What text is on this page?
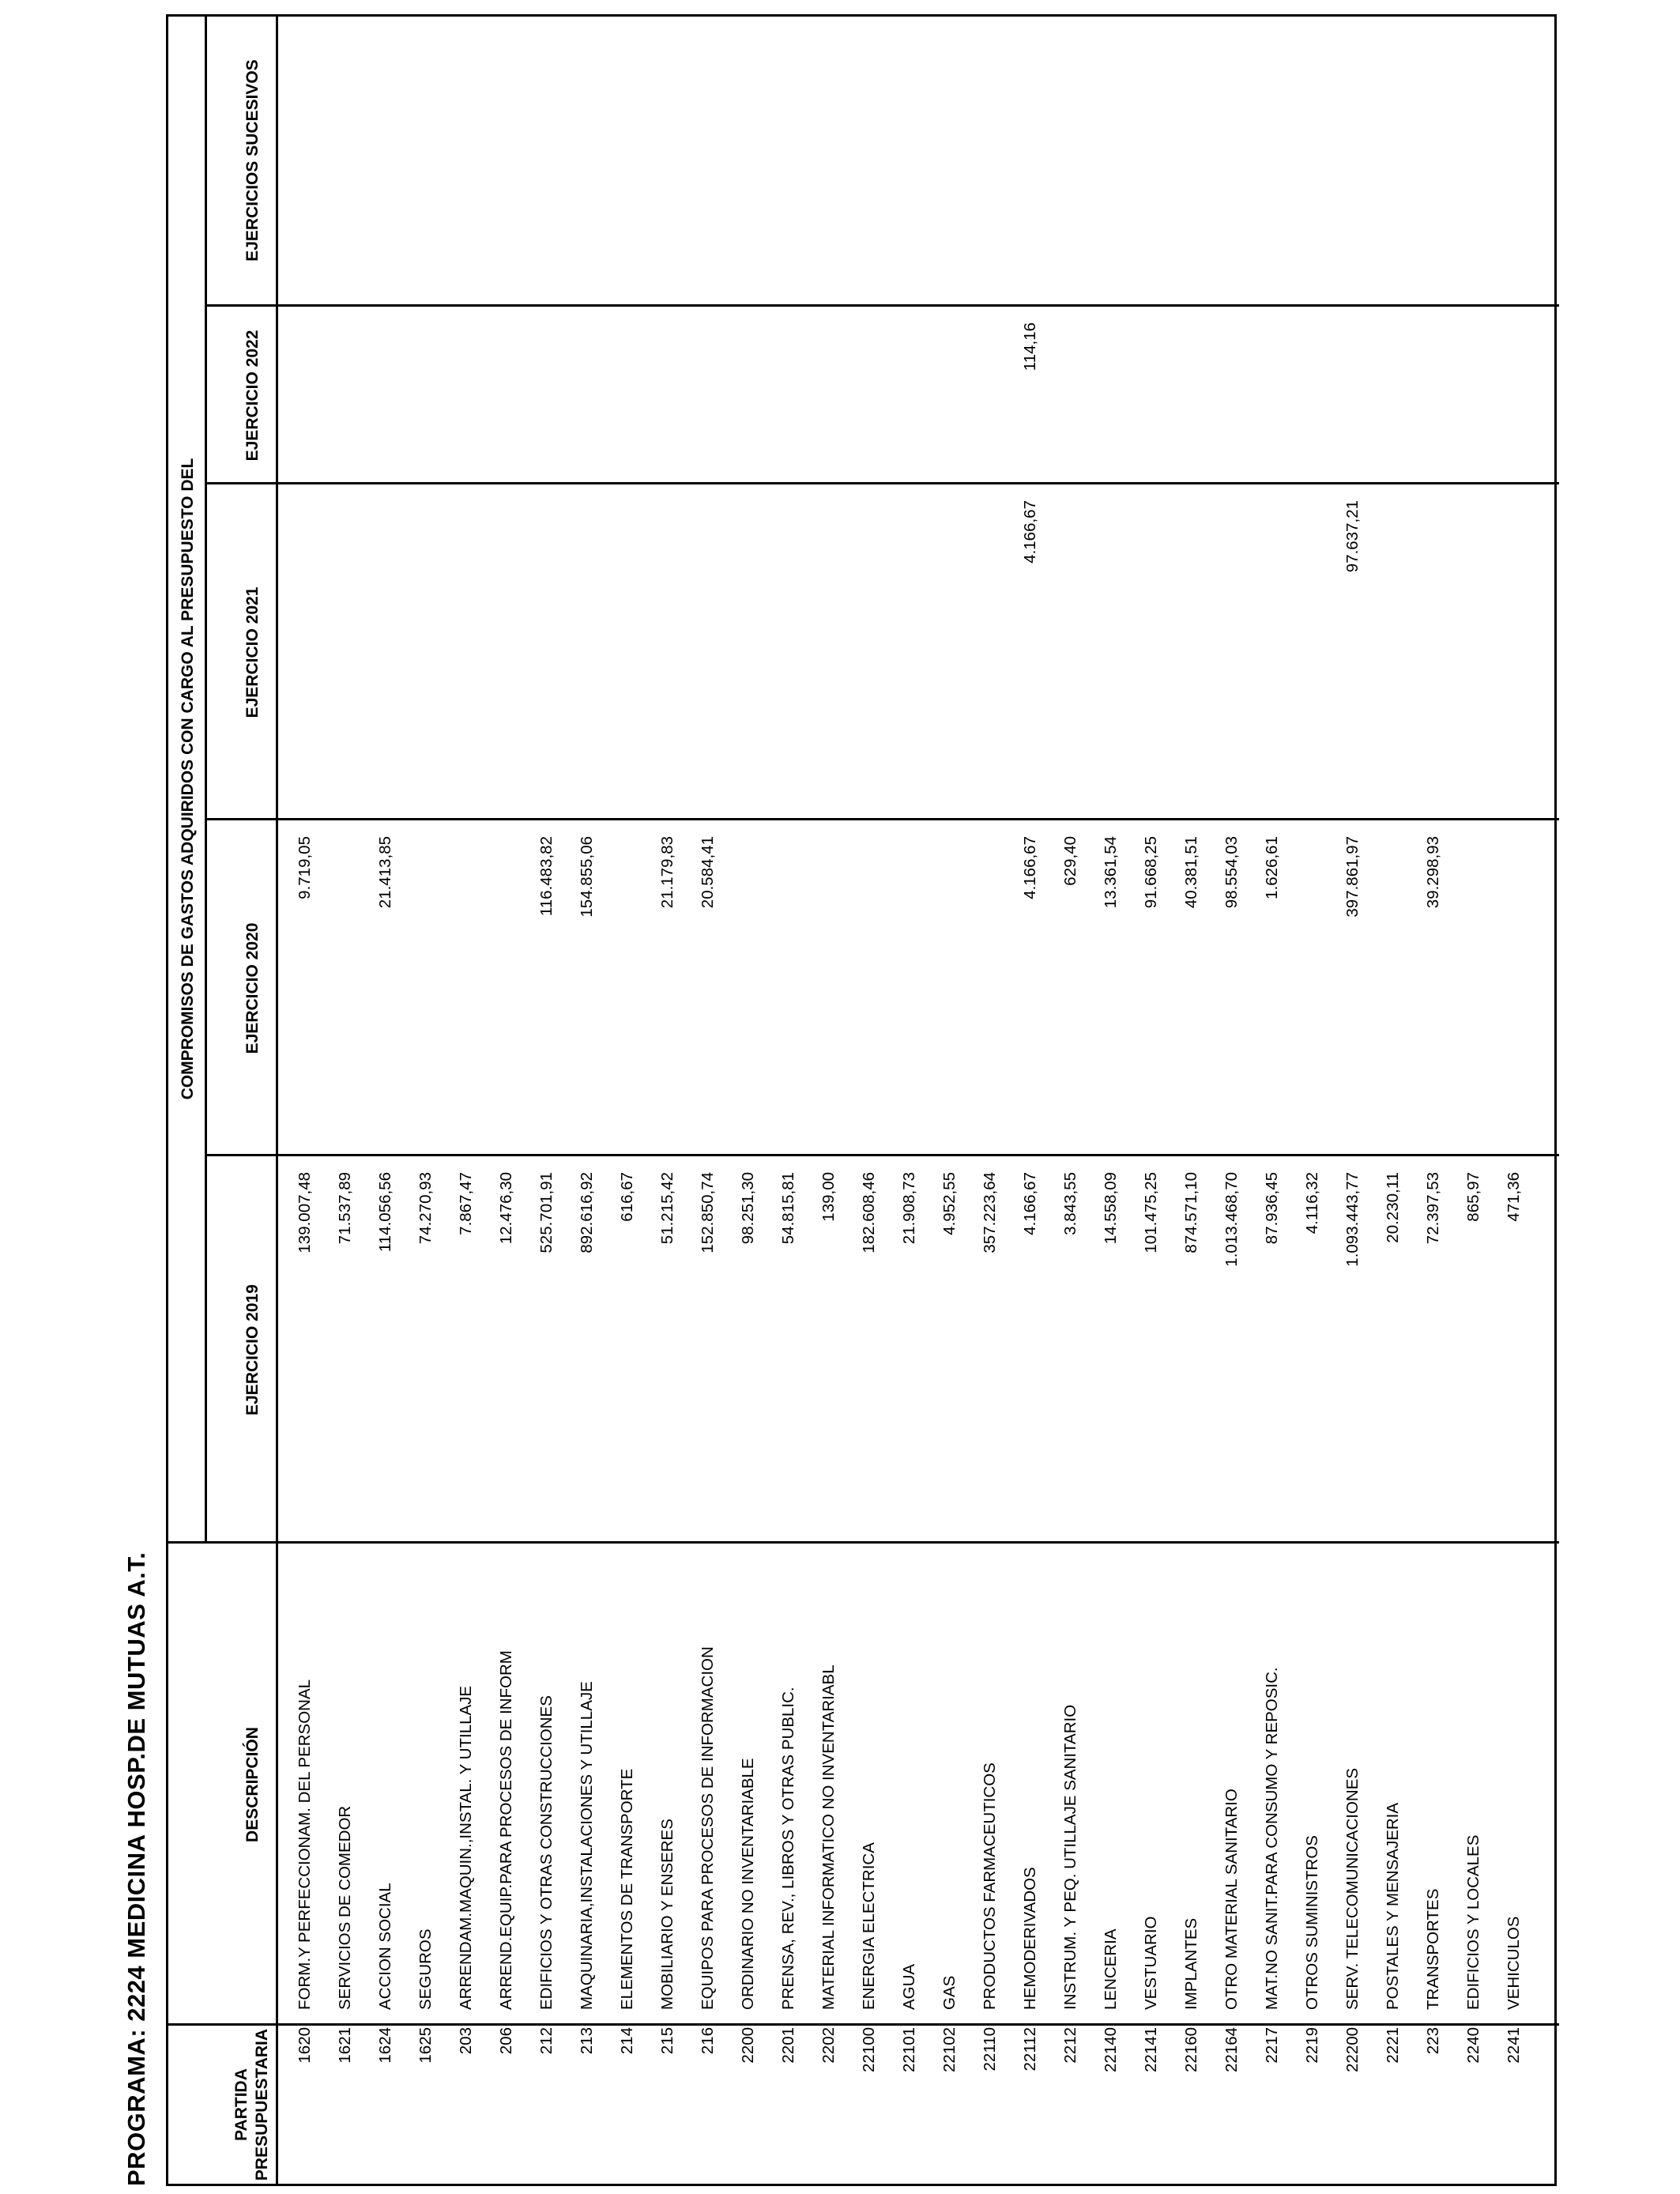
PROGRAMA: 2224 MEDICINA HOSP.DE MUTUAS A.T.	PARTIDA PRESUPUESTARIA
DESCRIPCIÓN
COMPROMISOS DE GASTOS ADQUIRIDOS CON CARGO AL PRESUPUESTO DEL
EJERCICIO 2019
EJERCICIO 2020
EJERCICIO 2021
EJERCICIO 2022
EJERCICIOS SUCESIVOS
1620
FORM.Y PERFECCIONAM. DEL PERSONAL
139.007,48
9.719,05
1621
SERVICIOS DE COMEDOR
71.537,89
1624
ACCION SOCIAL
114.056,56
21.413,85
1625
SEGUROS
74.270,93
203
ARRENDAM.MAQUIN.,INSTAL. Y UTILLAJE
7.867,47
206
ARREND.EQUIP.PARA PROCESOS DE INFORM
12.476,30
212
EDIFICIOS Y OTRAS CONSTRUCCIONES
525.701,91
116.483,82
213
MAQUINARIA,INSTALACIONES Y UTILLAJE
892.616,92
154.855,06
214
ELEMENTOS DE TRANSPORTE
616,67
215
MOBILIARIO Y ENSERES
51.215,42
21.179,83
216
EQUIPOS PARA PROCESOS DE INFORMACION
152.850,74
20.584,41
2200
ORDINARIO NO INVENTARIABLE
98.251,30
2201
PRENSA, REV., LIBROS Y OTRAS PUBLIC.
54.815,81
2202
MATERIAL INFORMATICO NO INVENTARIABL
139,00
22100
ENERGIA ELECTRICA
182.608,46
22101
AGUA
21.908,73
22102
GAS
4.952,55
22110
PRODUCTOS FARMACEUTICOS
357.223,64
22112
HEMODERIVADOS
4.166,67
4.166,67
4.166,67
114,16
2212
INSTRUM. Y PEQ. UTILLAJE SANITARIO
3.843,55
629,40
22140
LENCERIA
14.558,09
13.361,54
22141
VESTUARIO
101.475,25
91.668,25
22160
IMPLANTES
874.571,10
40.381,51
22164
OTRO MATERIAL SANITARIO
1.013.468,70
98.554,03
2217
MAT.NO SANIT.PARA CONSUMO Y REPOSIC.
87.936,45
1.626,61
2219
OTROS SUMINISTROS
4.116,32
22200
SERV. TELECOMUNICACIONES
1.093.443,77
397.861,97
97.637,21
2221
POSTALES Y MENSAJERIA
20.230,11
223
TRANSPORTES
72.397,53
39.298,93
2240
EDIFICIOS Y LOCALES
865,97
2241
VEHICULOS
471,36
